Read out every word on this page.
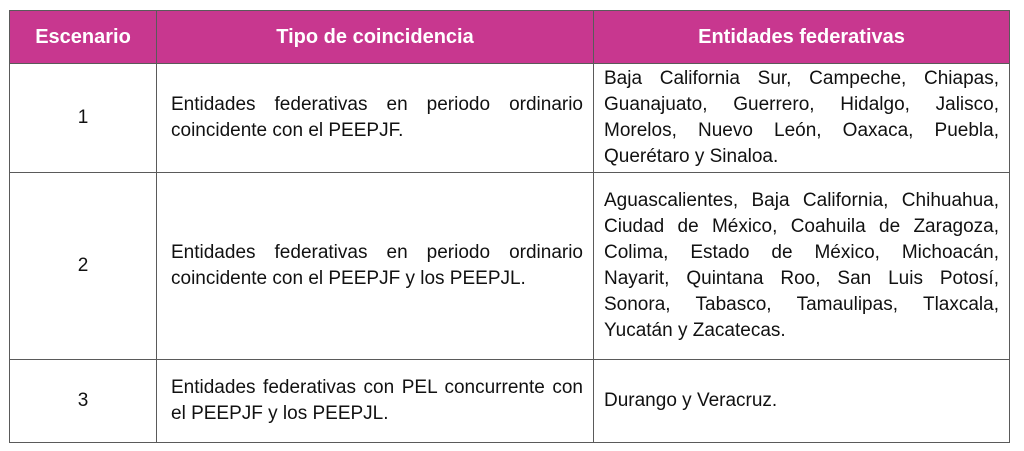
Escenario	Tipo de coincidencia	Entidades federativas
1	Entidades federativas en periodo ordinario coincidente con el PEEPJF.	Baja California Sur, Campeche, Chiapas, Guanajuato, Guerrero, Hidalgo, Jalisco, Morelos, Nuevo León, Oaxaca, Puebla, Querétaro y Sinaloa.
2	Entidades federativas en periodo ordinario coincidente con el PEEPJF y los PEEPJL.	Aguascalientes, Baja California, Chihuahua, Ciudad de México, Coahuila de Zaragoza, Colima, Estado de México, Michoacán, Nayarit, Quintana Roo, San Luis Potosí, Sonora, Tabasco, Tamaulipas, Tlaxcala, Yucatán y Zacatecas.
3	Entidades federativas con PEL concurrente con el PEEPJF y los PEEPJL.	Durango y Veracruz.
